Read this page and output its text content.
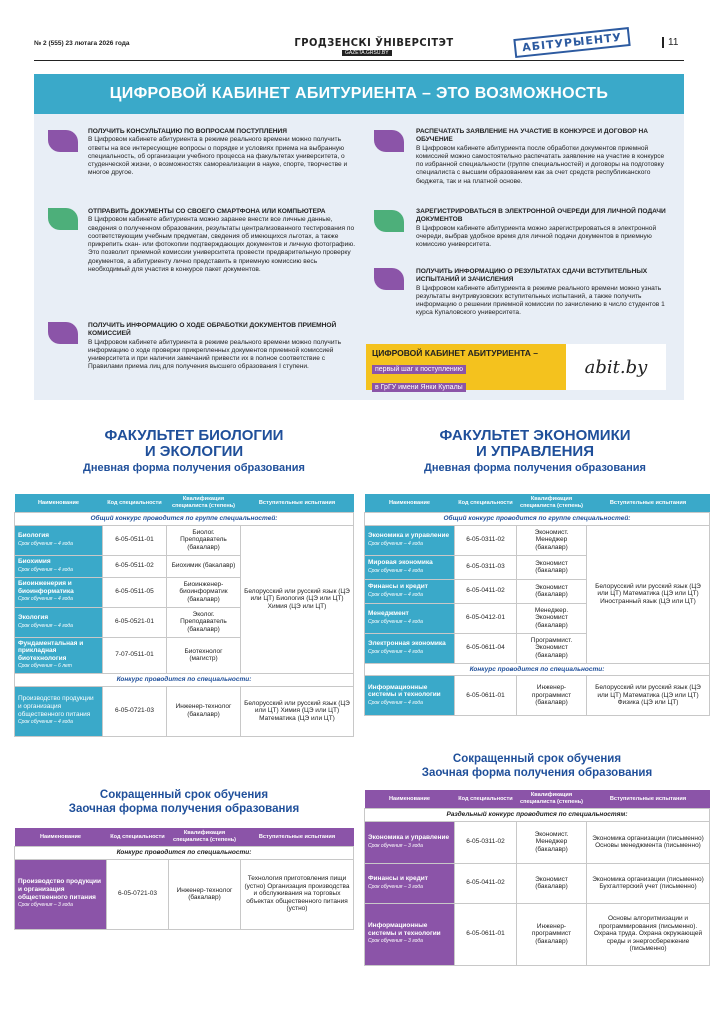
№ 2 (555) 23 лютага 2026 года	ГРОДЗЕНСКІ ЎНІВЕРСІТЭТ
GAZETA.GRSU.BY	АБІТУРЫЕНТУ	11
ЦИФРОВОЙ КАБИНЕТ АБИТУРИЕНТА – ЭТО ВОЗМОЖНОСТЬ
ПОЛУЧИТЬ КОНСУЛЬТАЦИЮ ПО ВОПРОСАМ ПОСТУПЛЕНИЯ
В Цифровом кабинете абитуриента в режиме реального времени можно получить ответы на все интересующие вопросы о порядке и условиях приема на выбранную специальность, об организации учебного процесса на факультетах университета, о студенческой жизни, о возможностях самореализации в науке, спорте, творчестве и многое другое.
ОТПРАВИТЬ ДОКУМЕНТЫ СО СВОЕГО СМАРТФОНА ИЛИ КОМПЬЮТЕРА
В Цифровом кабинете абитуриента можно заранее внести все личные данные, сведения о полученном образовании, результаты централизованного тестирования по соответствующим учебным предметам, сведения об имеющихся льготах, а также прикрепить скан- или фотокопии подтверждающих документов и личную фотографию. Это позволит приемной комиссии университета провести предварительную проверку документов, а абитуриенту лично представить в приемную комиссию весь необходимый для участия в конкурсе пакет документов.
ПОЛУЧИТЬ ИНФОРМАЦИЮ О ХОДЕ ОБРАБОТКИ ДОКУМЕНТОВ ПРИЕМНОЙ КОМИССИЕЙ
В Цифровом кабинете абитуриента в режиме реального времени можно получить информацию о ходе проверки прикрепленных документов приемной комиссией университета и при наличии замечаний привести их в полное соответствие с Правилами приема лиц для получения высшего образования I ступени.
РАСПЕЧАТАТЬ ЗАЯВЛЕНИЕ НА УЧАСТИЕ В КОНКУРСЕ И ДОГОВОР НА ОБУЧЕНИЕ
В Цифровом кабинете абитуриента после обработки документов приемной комиссией можно самостоятельно распечатать заявление на участие в конкурсе по избранной специальности (группе специальностей) и договоры на подготовку специалиста с высшим образованием как за счет средств республиканского бюджета, так и на платной основе.
ЗАРЕГИСТРИРОВАТЬСЯ В ЭЛЕКТРОННОЙ ОЧЕРЕДИ ДЛЯ ЛИЧНОЙ ПОДАЧИ ДОКУМЕНТОВ
В Цифровом кабинете абитуриента можно зарегистрироваться в электронной очереди, выбрав удобное время для личной подачи документов в приемную комиссию университета.
ПОЛУЧИТЬ ИНФОРМАЦИЮ О РЕЗУЛЬТАТАХ СДАЧИ ВСТУПИТЕЛЬНЫХ ИСПЫТАНИЙ И ЗАЧИСЛЕНИЯ
В Цифровом кабинете абитуриента в режиме реального времени можно узнать результаты внутривузовских вступительных испытаний, а также получить информацию о решении приемной комиссии по зачислению в число студентов 1 курса Купаловского университета.
ЦИФРОВОЙ КАБИНЕТ АБИТУРИЕНТА –
первый шаг к поступлению
в ГрГУ имени Янки Купалы
abit.by
ФАКУЛЬТЕТ БИОЛОГИИ
И ЭКОЛОГИИ
Дневная форма получения образования
Наименование	Код специальности	Квалификация специалиста (степень)	Вступительные испытания
Общий конкурс проводится по группе специальностей:			
Биология
Срок обучения – 4 года	6-05-0511-01	Биолог. Преподаватель (бакалавр)	Белорусский или русский язык (ЦЭ или ЦТ) Биология (ЦЭ или ЦТ) Химия (ЦЭ или ЦТ)
Биохимия
Срок обучения – 4 года	6-05-0511-02	Биохимик (бакалавр)	
Биоинженерия и биоинформатика
Срок обучения – 4 года	6-05-0511-05	Биоинженер-биоинформатик (бакалавр)	
Экология
Срок обучения – 4 года	6-05-0521-01	Эколог. Преподаватель (бакалавр)	
Фундаментальная и прикладная биотехнология
Срок обучения – 6 лет	7-07-0511-01	Биотехнолог (магистр)	
Конкурс проводится по специальности:			
Производство продукции и организация общественного питания
Срок обучения – 4 года	6-05-0721-03	Инженер-технолог (бакалавр)	Белорусский или русский язык (ЦЭ или ЦТ) Химия (ЦЭ или ЦТ) Математика (ЦЭ или ЦТ)
Сокращенный срок обучения
Заочная форма получения образования
Наименование	Код специальности	Квалификация специалиста (степень)	Вступительные испытания
Конкурс проводится по специальности:			
Производство продукции и организация общественного питания
Срок обучения – 3 года	6-05-0721-03	Инженер-технолог (бакалавр)	Технология приготовления пищи (устно) Организация производства и обслуживания на торговых объектах общественного питания (устно)
ФАКУЛЬТЕТ ЭКОНОМИКИ
И УПРАВЛЕНИЯ
Дневная форма получения образования
Наименование	Код специальности	Квалификация специалиста (степень)	Вступительные испытания
Общий конкурс проводится по группе специальностей:			
Экономика и управление
Срок обучения – 4 года	6-05-0311-02	Экономист. Менеджер (бакалавр)	Белорусский или русский язык (ЦЭ или ЦТ) Математика (ЦЭ или ЦТ) Иностранный язык (ЦЭ или ЦТ)
Мировая экономика
Срок обучения – 4 года	6-05-0311-03	Экономист (бакалавр)	
Финансы и кредит
Срок обучения – 4 года	6-05-0411-02	Экономист (бакалавр)	
Менеджмент
Срок обучения – 4 года	6-05-0412-01	Менеджер. Экономист (бакалавр)	
Электронная экономика
Срок обучения – 4 года	6-05-0611-04	Программист. Экономист (бакалавр)	
Конкурс проводится по специальности:			
Информационные системы и технологии
Срок обучения – 4 года	6-05-0611-01	Инженер-программист (бакалавр)	Белорусский или русский язык (ЦЭ или ЦТ) Математика (ЦЭ или ЦТ) Физика (ЦЭ или ЦТ)
Сокращенный срок обучения
Заочная форма получения образования
Наименование	Код специальности	Квалификация специалиста (степень)	Вступительные испытания
Раздельный конкурс проводится по специальностям:			
Экономика и управление
Срок обучения – 3 года	6-05-0311-02	Экономист. Менеджер (бакалавр)	Экономика организации (письменно) Основы менеджмента (письменно)
Финансы и кредит
Срок обучения – 3 года	6-05-0411-02	Экономист (бакалавр)	Экономика организации (письменно) Бухгалтерский учет (письменно)
Информационные системы и технологии
Срок обучения – 3 года	6-05-0611-01	Инженер-программист (бакалавр)	Основы алгоритмизации и программирования (письменно). Охрана труда. Охрана окружающей среды и энергосбережение (письменно)
